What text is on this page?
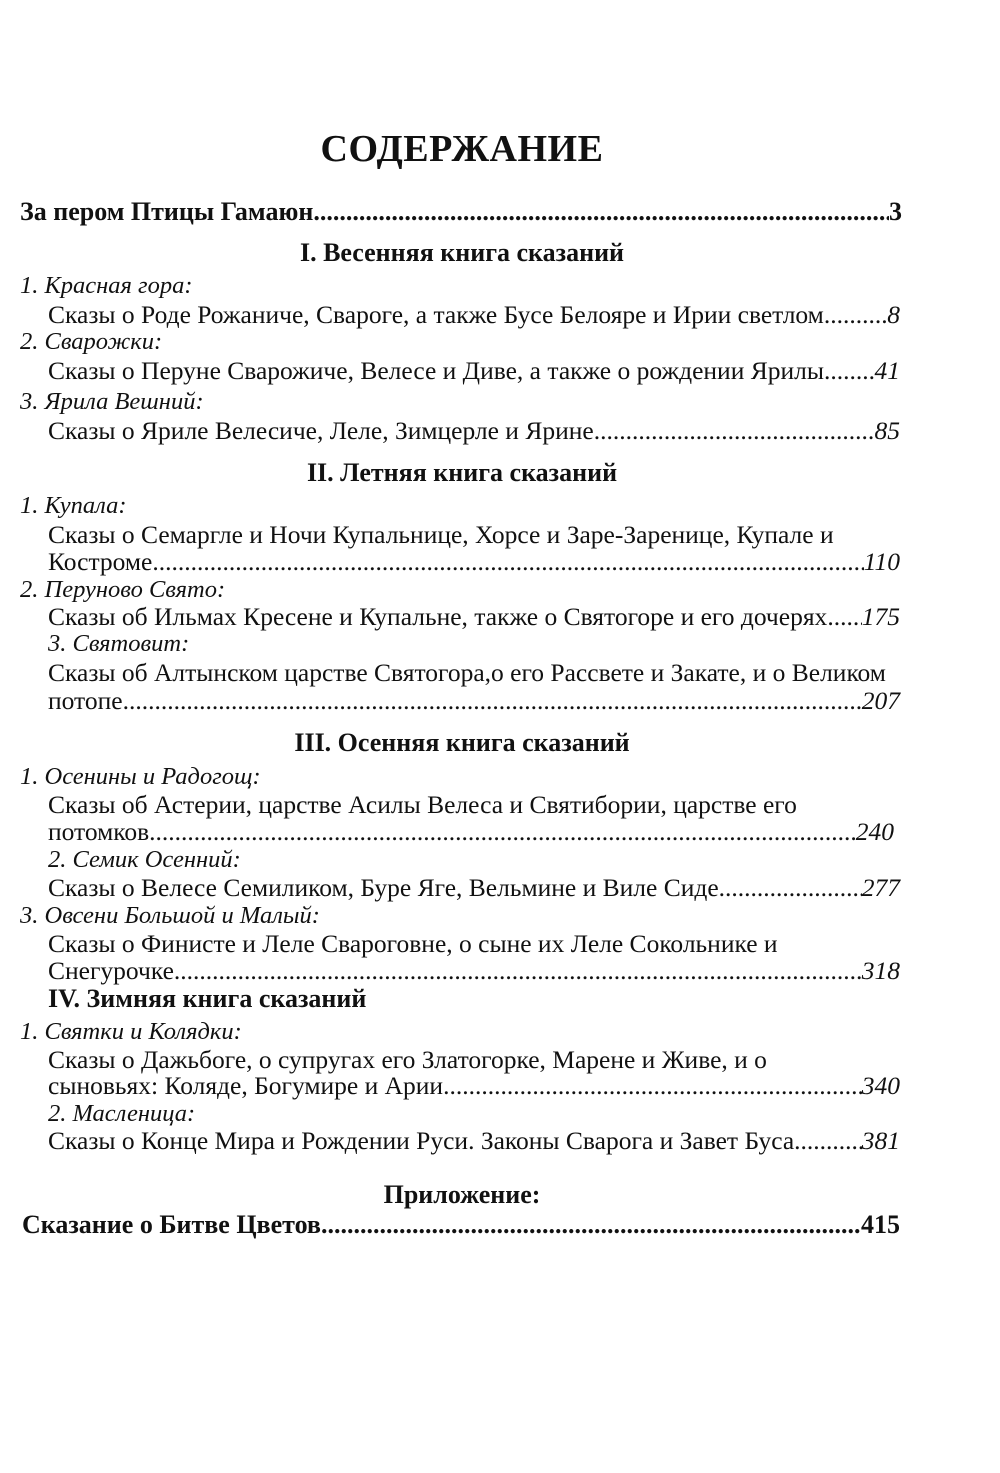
СОДЕРЖАНИЕ
За пером Птицы Гамаюн .....	3
I. Весенняя книга сказаний
1. Красная гора:
Сказы о Роде Рожаниче, Свароге, а также Бусе Белояре и Ирии светлом ..... 8
2. Сварожки:
Сказы о Перуне Сварожиче, Велесе и Диве, а также о рождении Ярилы ..... 41
3. Ярила Вешний:
Сказы о Яриле Велесиче, Леле, Зимцерле и Ярине .....	85
II. Летняя книга сказаний
1. Купала:
Сказы о Семаргле и Ночи Купальнице, Хорсе и Заре-Заренице, Купале и
Костроме .....	110
2. Перуново Свято:
Сказы об Ильмах Кресене и Купальне, также о Святогоре и его дочерях ..... 175
3. Святовит:
Сказы об Алтынском царстве Святогора,о его Рассвете и Закате, и о Великом
потопе .....	207
III. Осенняя книга сказаний
1. Осенины и Радогощ:
Сказы об Астерии, царстве Асилы Велеса и Святибории, царстве его
потомков .....	240
2. Семик Осенний:
Сказы о Велесе Семиликом, Буре Яге, Вельмине и Виле Сиде .....	277
3. Овсени Большой и Малый:
Сказы о Финисте и Леле Свароговне, о сыне их Леле Сокольнике и
Снегурочке .....	318
IV. Зимняя книга сказаний
1. Святки и Колядки:
Сказы о Дажьбоге, о супругах его Златогорке, Марене и Живе, и о
сыновьях: Коляде, Богумире и Арии .....	340
2. Масленица:
Сказы о Конце Мира и Рождении Руси. Законы Сварога и Завет Буса .....	381
Приложение:
Сказание о Битве Цветов .....	415
